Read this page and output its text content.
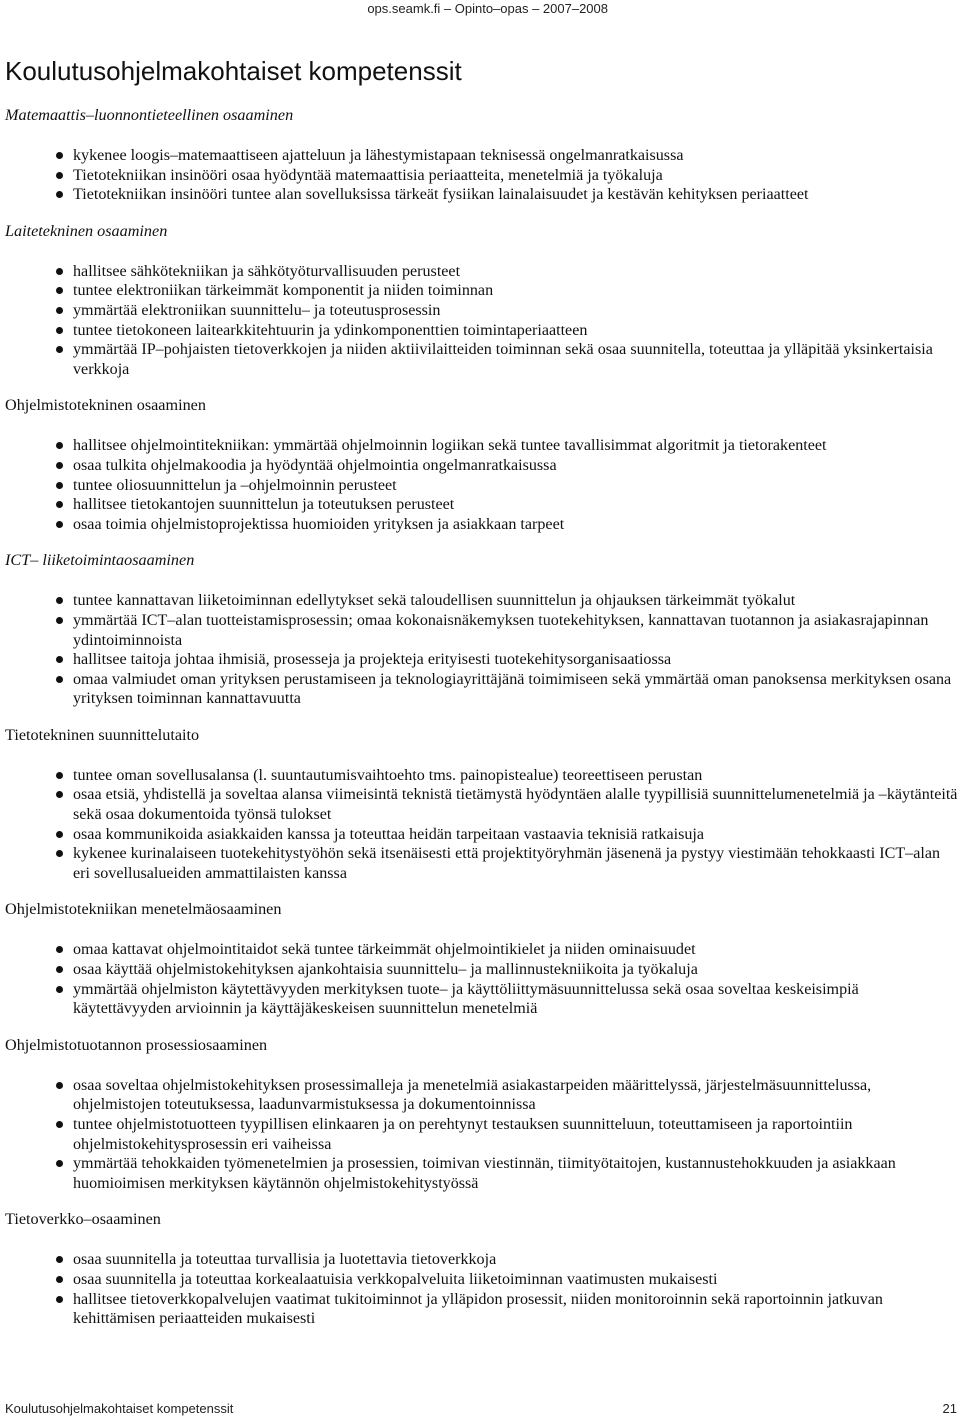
ops.seamk.fi – Opinto–opas – 2007–2008
Koulutusohjelmakohtaiset kompetenssit
Matemaattis–luonnontieteellinen osaaminen
kykenee loogis–matemaattiseen ajatteluun ja lähestymistapaan teknisessä ongelmanratkaisussa
Tietotekniikan insinööri osaa hyödyntää matemaattisia periaatteita, menetelmiä ja työkaluja
Tietotekniikan insinööri tuntee alan sovelluksissa tärkeät fysiikan lainalaisuudet ja kestävän kehityksen periaatteet
Laitetekninen osaaminen
hallitsee sähkötekniikan ja sähkötyöturvallisuuden perusteet
tuntee elektroniikan tärkeimmät komponentit ja niiden toiminnan
ymmärtää elektroniikan suunnittelu– ja toteutusprosessin
tuntee tietokoneen laitearkkitehtuurin ja ydinkomponenttien toimintaperiaatteen
ymmärtää IP–pohjaisten tietoverkkojen ja niiden aktiivilaitteiden toiminnan sekä osaa suunnitella, toteuttaa ja ylläpitää yksinkertaisia verkkoja
Ohjelmistotekninen osaaminen
hallitsee ohjelmointitekniikan: ymmärtää ohjelmoinnin logiikan sekä tuntee tavallisimmat algoritmit ja tietorakenteet
osaa tulkita ohjelmakoodia ja hyödyntää ohjelmointia ongelmanratkaisussa
tuntee oliosuunnittelun ja –ohjelmoinnin perusteet
hallitsee tietokantojen suunnittelun ja toteutuksen perusteet
osaa toimia ohjelmistoprojektissa huomioiden yrityksen ja asiakkaan tarpeet
ICT– liiketoimintaosaaminen
tuntee kannattavan liiketoiminnan edellytykset sekä taloudellisen suunnittelun ja ohjauksen tärkeimmät työkalut
ymmärtää ICT–alan tuotteistamisprosessin; omaa kokonaisnäkemyksen tuotekehityksen, kannattavan tuotannon ja asiakasrajapinnan ydintoiminnoista
hallitsee taitoja johtaa ihmisiä, prosesseja ja projekteja erityisesti tuotekehitysorganisaatiossa
omaa valmiudet oman yrityksen perustamiseen ja teknologiayrittäjänä toimimiseen sekä ymmärtää oman panoksensa merkityksen osana yrityksen toiminnan kannattavuutta
Tietotekninen suunnittelutaito
tuntee oman sovellusalansa (l. suuntautumisvaihtoehto tms. painopistealue) teoreettiseen perustan
osaa etsiä, yhdistellä ja soveltaa alansa viimeisintä teknistä tietämystä hyödyntäen alalle tyypillisiä suunnittelumenetelmiä ja –käytänteitä sekä osaa dokumentoida työnsä tulokset
osaa kommunikoida asiakkaiden kanssa ja toteuttaa heidän tarpeitaan vastaavia teknisiä ratkaisuja
kykenee kurinalaiseen tuotekehitystyöhön sekä itsenäisesti että projektityöryhmän jäsenenä ja pystyy viestimään tehokkaasti ICT–alan eri sovellusalueiden ammattilaisten kanssa
Ohjelmistotekniikan menetelmäosaaminen
omaa kattavat ohjelmointitaidot sekä tuntee tärkeimmät ohjelmointikielet ja niiden ominaisuudet
osaa käyttää ohjelmistokehityksen ajankohtaisia suunnittelu– ja mallinnustekniikoita ja työkaluja
ymmärtää ohjelmiston käytettävyyden merkityksen tuote– ja käyttöliittymäsuunnittelussa sekä osaa soveltaa keskeisimpiä käytettävyyden arvioinnin ja käyttäjäkeskeisen suunnittelun menetelmiä
Ohjelmistotuotannon prosessiosaaminen
osaa soveltaa ohjelmistokehityksen prosessimalleja ja menetelmiä asiakastarpeiden määrittelyssä, järjestelmäsuunnittelussa, ohjelmistojen toteutuksessa, laadunvarmistuksessa ja dokumentoinnissa
tuntee ohjelmistotuotteen tyypillisen elinkaaren ja on perehtynyt testauksen suunnitteluun, toteuttamiseen ja raportointiin ohjelmistokehitysprosessin eri vaiheissa
ymmärtää tehokkaiden työmenetelmien ja prosessien, toimivan viestinnän, tiimityötaitojen, kustannustehokkuuden ja asiakkaan huomioimisen merkityksen käytännön ohjelmistokehitystyössä
Tietoverkko–osaaminen
osaa suunnitella ja toteuttaa turvallisia ja luotettavia tietoverkkoja
osaa suunnitella ja toteuttaa korkealaatuisia verkkopalveluita liiketoiminnan vaatimusten mukaisesti
hallitsee tietoverkkopalvelujen vaatimat tukitoiminnot ja ylläpidon prosessit, niiden monitoroinnin sekä raportoinnin jatkuvan kehittämisen periaatteiden mukaisesti
Koulutusohjelmakohtaiset kompetenssit	21
